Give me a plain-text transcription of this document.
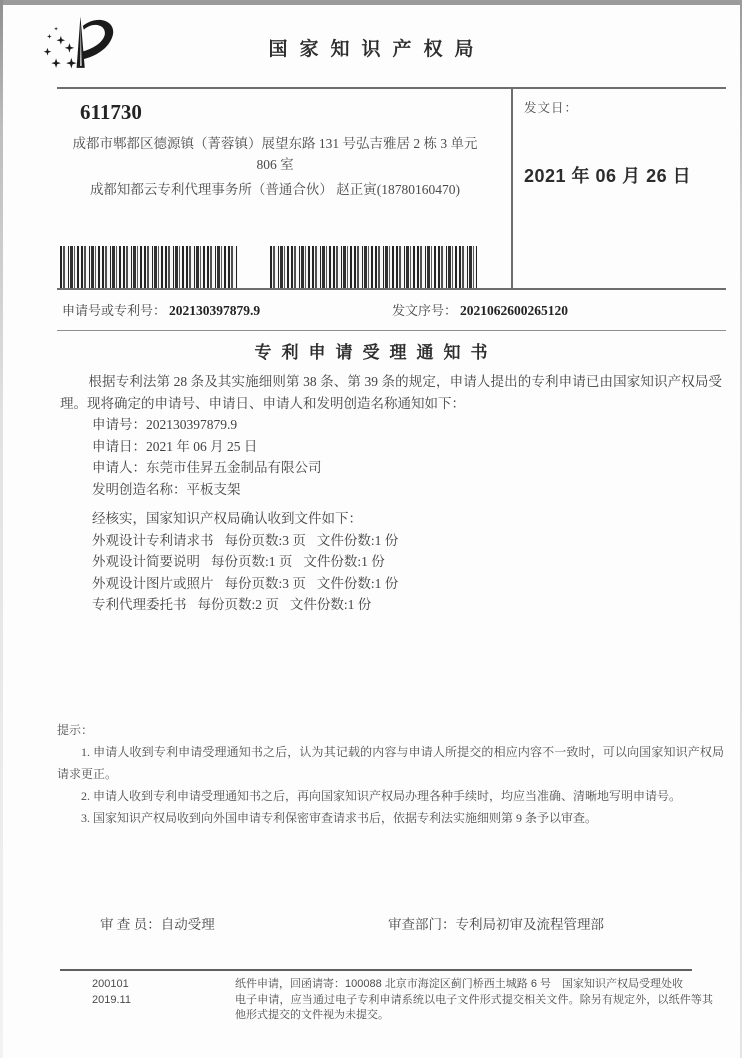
国家知识产权局
611730
成都市郫都区德源镇（菁蓉镇）展望东路 131 号弘吉雅居 2 栋 3 单元
806 室
成都知都云专利代理事务所（普通合伙） 赵正寅(18780160470)
发文日：
2021 年 06 月 26 日
申请号或专利号： 202130397879.9	发文序号： 2021062600265120
专利申请受理通知书

根据专利法第 28 条及其实施细则第 38 条、第 39 条的规定，申请人提出的专利申请已由国家知识产权局受理。现将确定的申请号、申请日、申请人和发明创造名称通知如下：

申请号：202130397879.9
申请日：2021 年 06 月 25 日
申请人：东莞市佳昇五金制品有限公司
发明创造名称：平板支架

经核实，国家知识产权局确认收到文件如下：

外观设计专利请求书 每份页数:3 页 文件份数:1 份
外观设计简要说明 每份页数:1 页 文件份数:1 份
外观设计图片或照片 每份页数:3 页 文件份数:1 份
专利代理委托书 每份页数:2 页 文件份数:1 份
提示：

1. 申请人收到专利申请受理通知书之后，认为其记载的内容与申请人所提交的相应内容不一致时，可以向国家知识产权局请求更正。

2. 申请人收到专利申请受理通知书之后，再向国家知识产权局办理各种手续时，均应当准确、清晰地写明申请号。

3. 国家知识产权局收到向外国申请专利保密审查请求书后，依据专利法实施细则第 9 条予以审查。

审 查 员：自动受理	审查部门：专利局初审及流程管理部
200101
2019.11

纸件申请，回函请寄：100088 北京市海淀区蓟门桥西土城路 6 号　国家知识产权局受理处收

电子申请，应当通过电子专利申请系统以电子文件形式提交相关文件。除另有规定外，以纸件等其他形式提交的文件视为未提交。
